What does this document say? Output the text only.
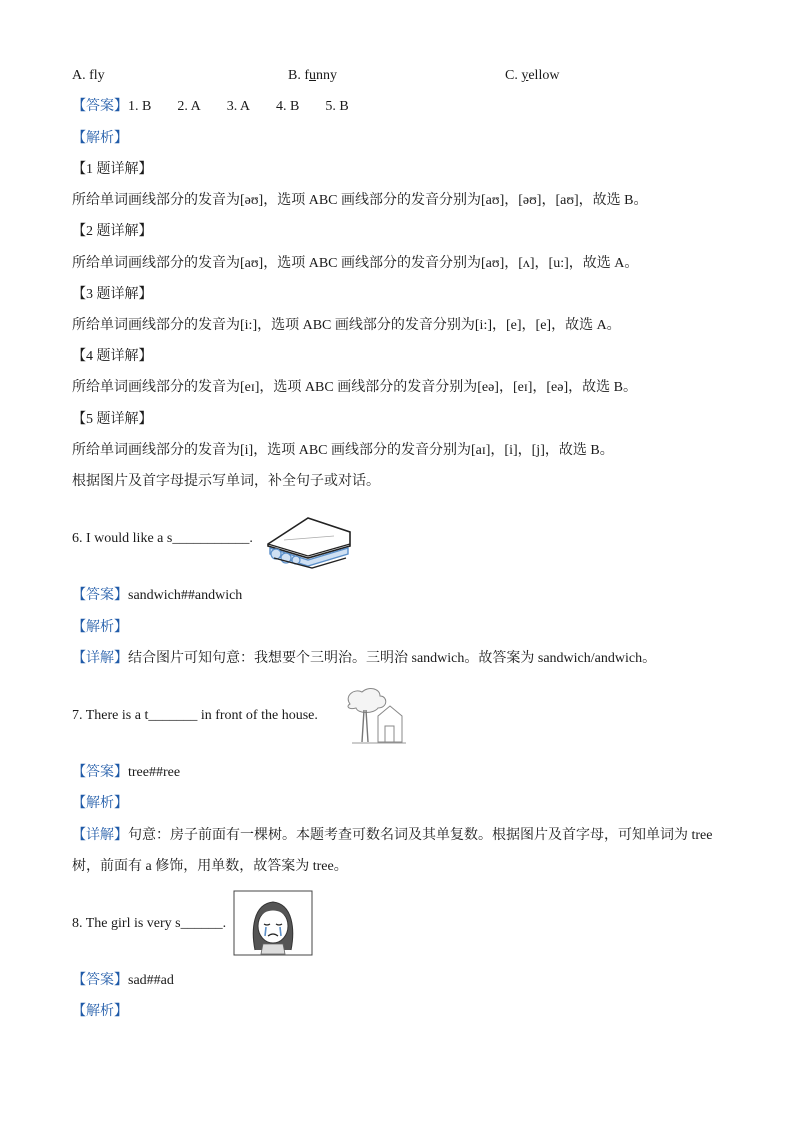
A. fly	B. funny	C. yellow
【答案】1. B 2. A 3. A 4. B 5. B
【解析】
【1 题详解】
所给单词画线部分的发音为[əʊ]，选项 ABC 画线部分的发音分别为[aʊ]，[əʊ]，[aʊ]，故选 B。
【2 题详解】
所给单词画线部分的发音为[aʊ]，选项 ABC 画线部分的发音分别为[aʊ]，[ʌ]，[u:]，故选 A。
【3 题详解】
所给单词画线部分的发音为[i:]，选项 ABC 画线部分的发音分别为[i:]，[e]，[e]，故选 A。
【4 题详解】
所给单词画线部分的发音为[eɪ]，选项 ABC 画线部分的发音分别为[eə]，[eɪ]，[eə]，故选 B。
【5 题详解】
所给单词画线部分的发音为[i]，选项 ABC 画线部分的发音分别为[aɪ]，[i]，[j]，故选 B。
根据图片及首字母提示写单词，补全句子或对话。
6. I would like a s___________.
【答案】sandwich##andwich
【解析】
【详解】结合图片可知句意：我想要个三明治。三明治 sandwich。故答案为 sandwich/andwich。
7. There is a t_______ in front of the house.
【答案】tree##ree
【解析】
【详解】句意：房子前面有一棵树。本题考查可数名词及其单复数。根据图片及首字母，可知单词为 tree
树，前面有 a 修饰，用单数，故答案为 tree。
8. The girl is very s______.
【答案】sad##ad
【解析】
